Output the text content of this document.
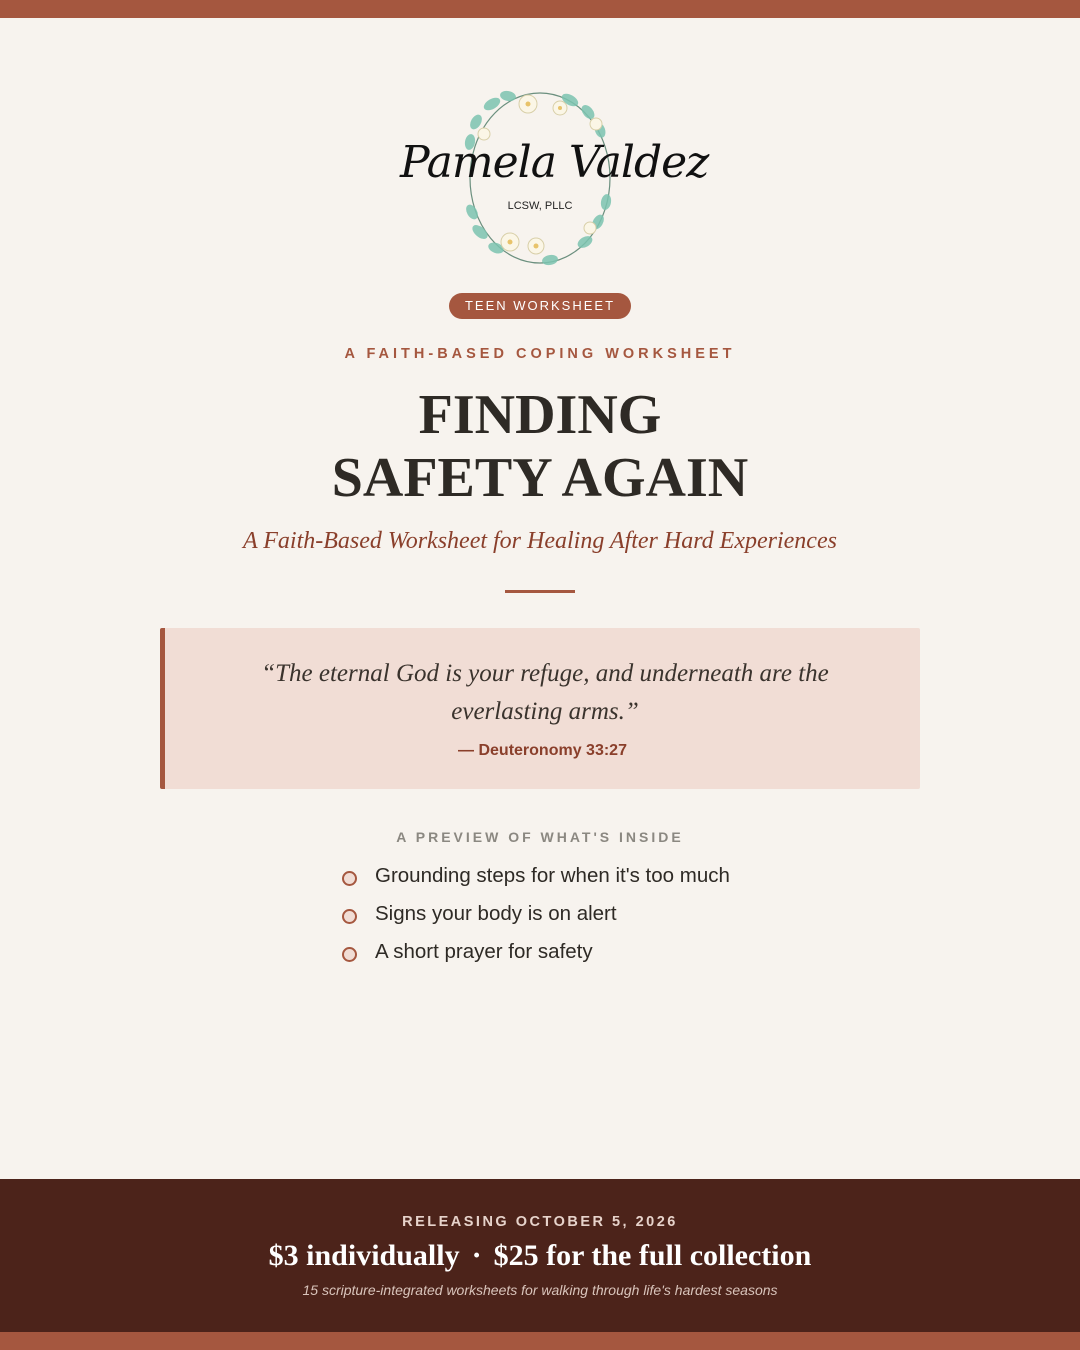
Pamela Valdez
LCSW, PLLC
TEEN WORKSHEET
A FAITH-BASED COPING WORKSHEET
FINDING
SAFETY AGAIN
A Faith-Based Worksheet for Healing After Hard Experiences
“The eternal God is your refuge, and underneath are the everlasting arms.”
— Deuteronomy 33:27
A PREVIEW OF WHAT'S INSIDE
Grounding steps for when it's too much
Signs your body is on alert
A short prayer for safety
RELEASING OCTOBER 5, 2026
$3 individually · $25 for the full collection
15 scripture-integrated worksheets for walking through life's hardest seasons
